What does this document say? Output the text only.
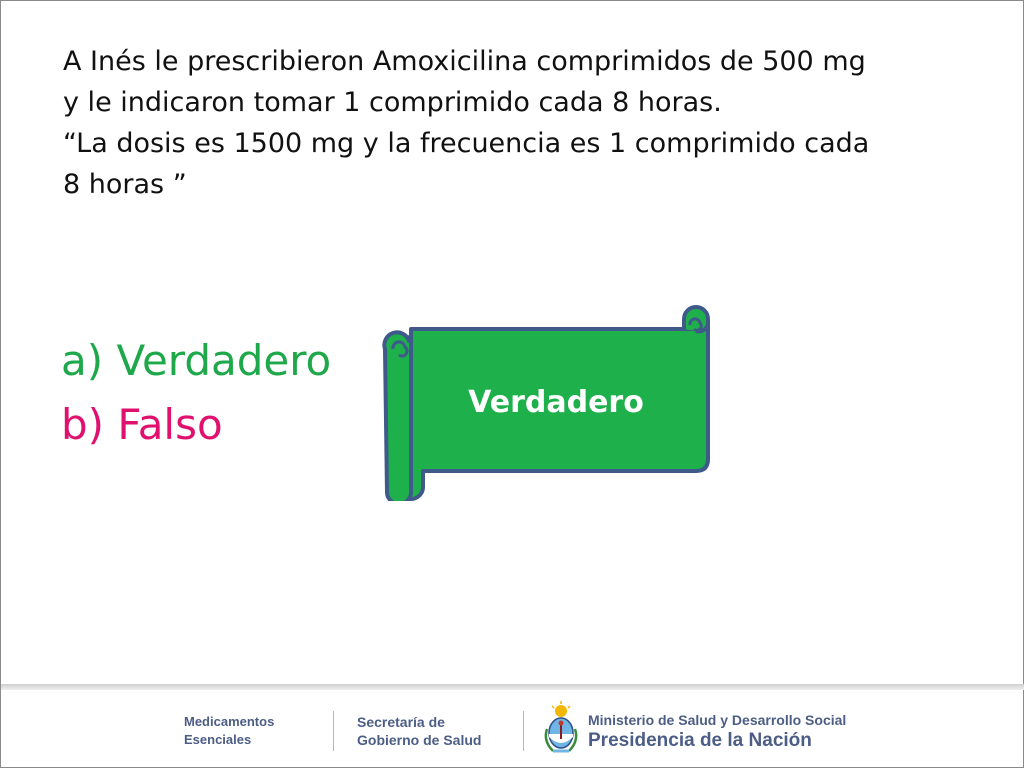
A Inés le prescribieron Amoxicilina comprimidos de 500 mg

y le indicaron tomar 1 comprimido cada 8 horas.

“La dosis es 1500 mg y la frecuencia es 1 comprimido cada

8 horas ”

a) Verdadero
b) Falso	Verdadero
Medicamentos
Esenciales
Secretaría de
Gobierno de Salud
Ministerio de Salud y Desarrollo Social
Presidencia de la Nación
